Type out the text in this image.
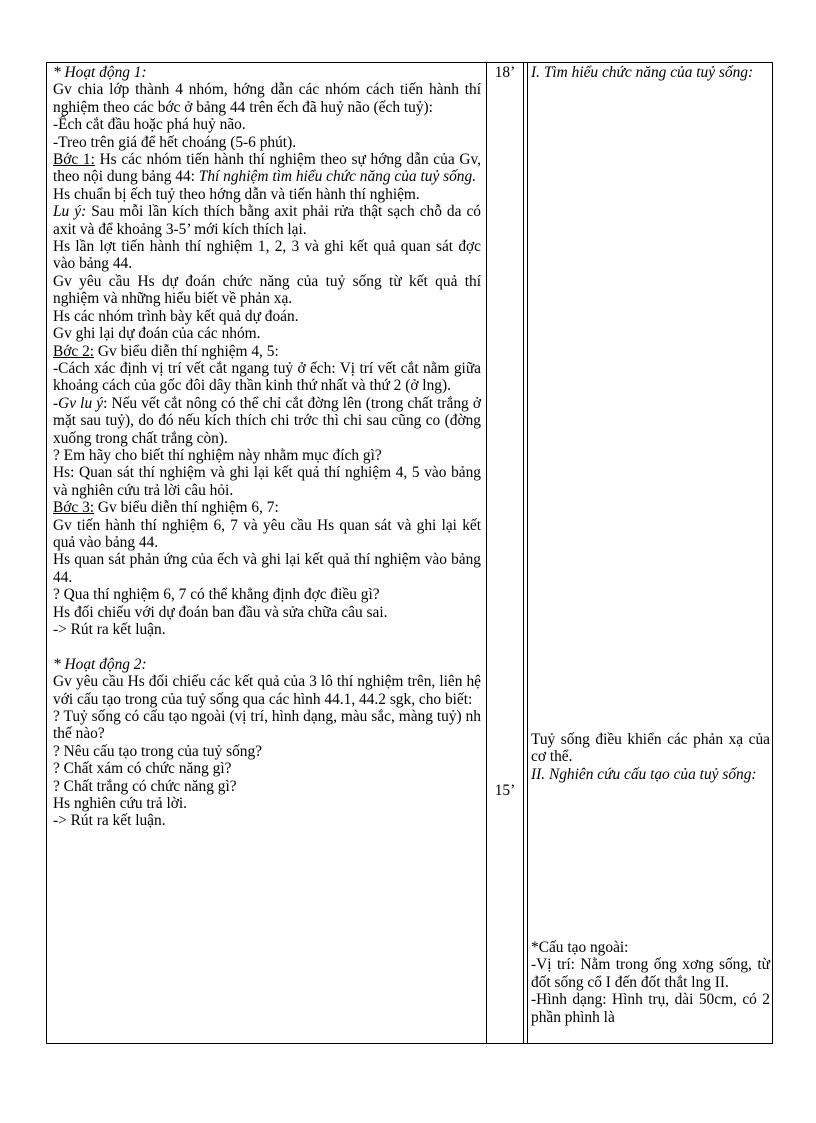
* Hoạt động 1:

Gv chia lớp thành 4 nhóm, hớng dẫn các nhóm cách tiến hành thí nghiệm theo các bớc ở bảng 44 trên ếch đã huỷ não (ếch tuỷ):

-Ếch cắt đầu hoặc phá huỷ não.

-Treo trên giá để hết choáng (5-6 phút).

Bớc 1: Hs các nhóm tiến hành thí nghiệm theo sự hớng dẫn của Gv, theo nội dung bảng 44: Thí nghiệm tìm hiểu chức năng của tuỷ sống.

Hs chuẩn bị ếch tuỷ theo hớng dẫn và tiến hành thí nghiệm.

Lu ý: Sau mỗi lần kích thích bằng axit phải rửa thật sạch chỗ da có axit và để khoảng 3-5’ mới kích thích lại.

Hs lần lợt tiến hành thí nghiệm 1, 2, 3 và ghi kết quả quan sát đợc vào bảng 44.

Gv yêu cầu Hs dự đoán chức năng của tuỷ sống từ kết quả thí nghiệm và những hiểu biết về phản xạ.

Hs các nhóm trình bày kết quả dự đoán.

Gv ghi lại dự đoán của các nhóm.

Bớc 2: Gv biểu diễn thí nghiệm 4, 5:

-Cách xác định vị trí vết cắt ngang tuỷ ở ếch: Vị trí vết cắt nằm giữa khoảng cách của gốc đôi dây thần kinh thứ nhất và thứ 2 (ở lng).

-Gv lu ý: Nếu vết cắt nông có thể chỉ cắt đờng lên (trong chất trắng ở mặt sau tuỷ), do đó nếu kích thích chi trớc thì chi sau cũng co (đờng xuống trong chất trắng còn).

? Em hãy cho biết thí nghiệm này nhằm mục đích gì?

Hs: Quan sát thí nghiệm và ghi lại kết quả thí nghiệm 4, 5 vào bảng và nghiên cứu trả lời câu hỏi.

Bớc 3: Gv biểu diễn thí nghiệm 6, 7:

Gv tiến hành thí nghiệm 6, 7 và yêu cầu Hs quan sát và ghi lại kết quả vào bảng 44.

Hs quan sát phản ứng của ếch và ghi lại kết quả thí nghiệm vào bảng 44.

? Qua thí nghiệm 6, 7 có thể khẳng định đợc điều gì?

Hs đối chiếu với dự đoán ban đầu và sửa chữa câu sai.

-> Rút ra kết luận.

* Hoạt động 2:

Gv yêu cầu Hs đối chiếu các kết quả của 3 lô thí nghiệm trên, liên hệ với cấu tạo trong của tuỷ sống qua các hình 44.1, 44.2 sgk, cho biết:

? Tuỷ sống có cấu tạo ngoài (vị trí, hình dạng, màu sắc, màng tuỷ) nh thế nào?

? Nêu cấu tạo trong của tuỷ sống?

? Chất xám có chức năng gì?

? Chất trắng có chức năng gì?

Hs nghiên cứu trả lời.

-> Rút ra kết luận.

18’
15’

I. Tìm hiểu chức năng của tuỷ sống:

Tuỷ sống điều khiển các phản xạ của cơ thể.

II. Nghiên cứu cấu tạo của tuỷ sống:

*Cấu tạo ngoài:

-Vị trí: Nằm trong ống xơng sống, từ đốt sống cổ I đến đốt thắt lng II.

-Hình dạng: Hình trụ, dài 50cm, có 2 phần phình là
